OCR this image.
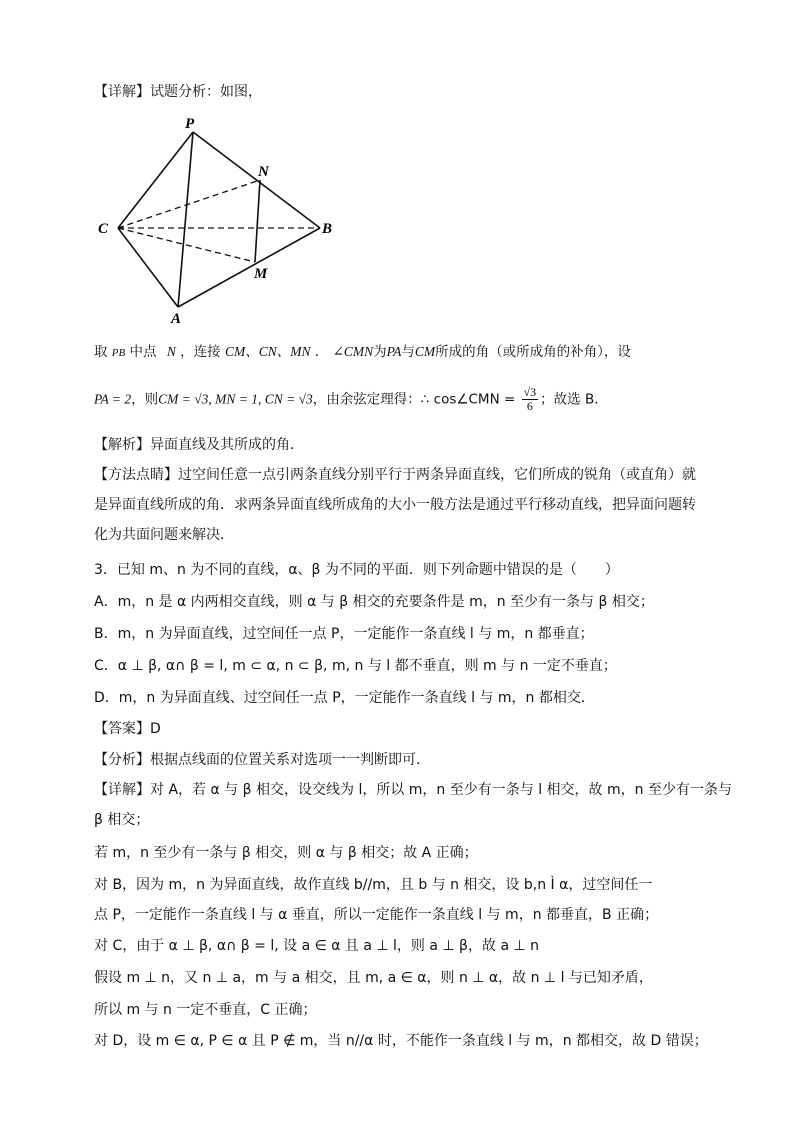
【详解】试题分析：如图，
P
N
C	B
M
A
取 PB 中点 N ，连接 CM、CN、MN ． ∠CMN为PA与CM所成的角（或所成角的补角），设
PA = 2，则CM = √3, MN = 1, CN = √3，由余弦定理得：∴ cos∠CMN = $\frac{√3}{6}$ ；故选 B．
【解析】异面直线及其所成的角．
【方法点睛】过空间任意一点引两条直线分别平行于两条异面直线，它们所成的锐角（或直角）就
是异面直线所成的角．求两条异面直线所成角的大小一般方法是通过平行移动直线，把异面问题转
化为共面问题来解决．
3．已知 m、n 为不同的直线，α、β 为不同的平面．则下列命题中错误的是（　　）
A．m，n 是 α 内两相交直线，则 α 与 β 相交的充要条件是 m，n 至少有一条与 β 相交；
B．m，n 为异面直线，过空间任一点 P，一定能作一条直线 l 与 m，n 都垂直；
C．α ⊥ β, α∩ β = l, m ⊂ α, n ⊂ β, m, n 与 l 都不垂直，则 m 与 n 一定不垂直；
D．m，n 为异面直线、过空间任一点 P，一定能作一条直线 l 与 m，n 都相交．
【答案】D
【分析】根据点线面的位置关系对选项一一判断即可．
【详解】对 A，若 α 与 β 相交，设交线为 l，所以 m，n 至少有一条与 l 相交，故 m，n 至少有一条与
β 相交；
若 m，n 至少有一条与 β 相交，则 α 与 β 相交；故 A 正确；
对 B，因为 m，n 为异面直线，故作直线 b//m，且 b 与 n 相交，设 b,n Ì α，过空间任一
点 P，一定能作一条直线 l 与 α 垂直，所以一定能作一条直线 l 与 m，n 都垂直，B 正确；
对 C，由于 α ⊥ β, α∩ β = l, 设 a ∈ α 且 a ⊥ l，则 a ⊥ β，故 a ⊥ n
假设 m ⊥ n，又 n ⊥ a，m 与 a 相交，且 m, a ∈ α，则 n ⊥ α，故 n ⊥ l 与已知矛盾，
所以 m 与 n 一定不垂直，C 正确；
对 D，设 m ∈ α, P ∈ α 且 P ∉ m，当 n//α 时，不能作一条直线 l 与 m，n 都相交，故 D 错误；
